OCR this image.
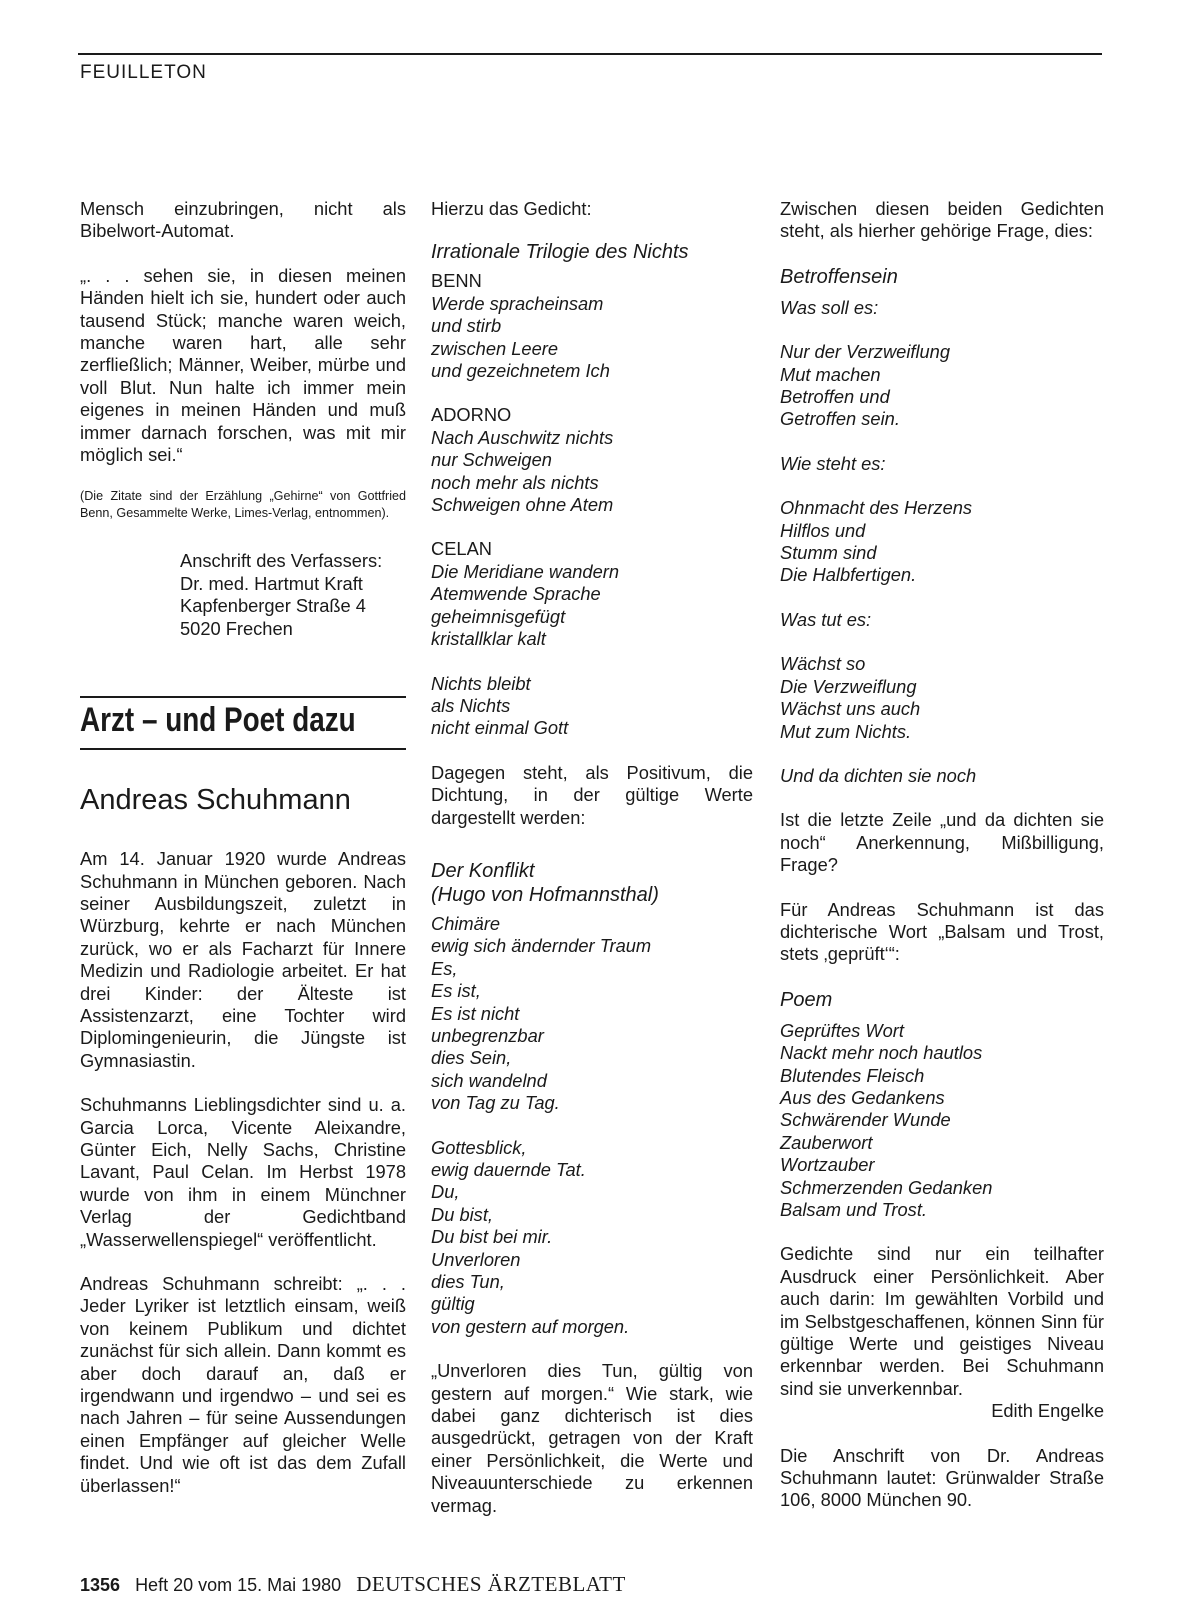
FEUILLETON

Mensch einzubringen, nicht als Bibelwort-Automat.

„. . . sehen sie, in diesen meinen Händen hielt ich sie, hundert oder auch tausend Stück; manche waren weich, manche waren hart, alle sehr zerfließlich; Männer, Weiber, mürbe und voll Blut. Nun halte ich immer mein eigenes in meinen Händen und muß immer darnach forschen, was mit mir möglich sei.“

(Die Zitate sind der Erzählung „Gehirne“ von Gottfried Benn, Gesammelte Werke, Limes-Verlag, entnommen).

Anschrift des Verfassers:
Dr. med. Hartmut Kraft
Kapfenberger Straße 4
5020 Frechen
Arzt – und Poet dazu
Andreas Schuhmann

Am 14. Januar 1920 wurde Andreas Schuhmann in München geboren. Nach seiner Ausbildungszeit, zuletzt in Würzburg, kehrte er nach München zurück, wo er als Facharzt für Innere Medizin und Radiologie arbeitet. Er hat drei Kinder: der Älteste ist Assistenzarzt, eine Tochter wird Diplomingenieurin, die Jüngste ist Gymnasiastin.

Schuhmanns Lieblingsdichter sind u. a. Garcia Lorca, Vicente Aleixandre, Günter Eich, Nelly Sachs, Christine Lavant, Paul Celan. Im Herbst 1978 wurde von ihm in einem Münchner Verlag der Gedichtband „Wasserwellenspiegel“ veröffentlicht.

Andreas Schuhmann schreibt: „. . . Jeder Lyriker ist letztlich einsam, weiß von keinem Publikum und dichtet zunächst für sich allein. Dann kommt es aber doch darauf an, daß er irgendwann und irgendwo – und sei es nach Jahren – für seine Aussendungen einen Empfänger auf gleicher Welle findet. Und wie oft ist das dem Zufall überlassen!“

Hierzu das Gedicht:

Irrationale Trilogie des Nichts

BENN
Werde spracheinsam
und stirb
zwischen Leere
und gezeichnetem Ich
ADORNO
Nach Auschwitz nichts
nur Schweigen
noch mehr als nichts
Schweigen ohne Atem
CELAN
Die Meridiane wandern
Atemwende Sprache
geheimnisgefügt
kristallklar kalt
Nichts bleibt
als Nichts
nicht einmal Gott

Dagegen steht, als Positivum, die Dichtung, in der gültige Werte dargestellt werden:

Der Konflikt
(Hugo von Hofmannsthal)
Chimäre
ewig sich ändernder Traum
Es,
Es ist,
Es ist nicht
unbegrenzbar
dies Sein,
sich wandelnd
von Tag zu Tag.
Gottesblick,
ewig dauernde Tat.
Du,
Du bist,
Du bist bei mir.
Unverloren
dies Tun,
gültig
von gestern auf morgen.

„Unverloren dies Tun, gültig von gestern auf morgen.“ Wie stark, wie dabei ganz dichterisch ist dies ausgedrückt, getragen von der Kraft einer Persönlichkeit, die Werte und Niveauunterschiede zu erkennen vermag.

Zwischen diesen beiden Gedichten steht, als hierher gehörige Frage, dies:

Betroffensein

Was soll es:

Nur der Verzweiflung
Mut machen
Betroffen und
Getroffen sein.

Wie steht es:

Ohnmacht des Herzens
Hilflos und
Stumm sind
Die Halbfertigen.

Was tut es:

Wächst so
Die Verzweiflung
Wächst uns auch
Mut zum Nichts.

Und da dichten sie noch

Ist die letzte Zeile „und da dichten sie noch“ Anerkennung, Mißbilligung, Frage?

Für Andreas Schuhmann ist das dichterische Wort „Balsam und Trost, stets ‚geprüft‘“:

Poem

Geprüftes Wort
Nackt mehr noch hautlos
Blutendes Fleisch
Aus des Gedankens
Schwärender Wunde
Zauberwort
Wortzauber
Schmerzenden Gedanken
Balsam und Trost.

Gedichte sind nur ein teilhafter Ausdruck einer Persönlichkeit. Aber auch darin: Im gewählten Vorbild und im Selbstgeschaffenen, können Sinn für gültige Werte und geistiges Niveau erkennbar werden. Bei Schuhmann sind sie unverkennbar.

Edith Engelke

Die Anschrift von Dr. Andreas Schuhmann lautet: Grünwalder Straße 106, 8000 München 90.

1356 Heft 20 vom 15. Mai 1980 DEUTSCHES ÄRZTEBLATT
